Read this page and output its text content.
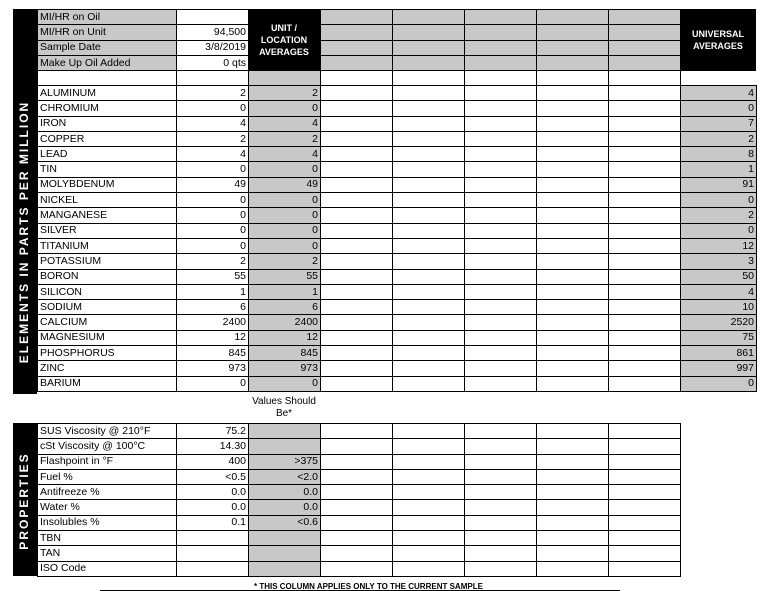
MI/HR on Oil							
MI/HR on Unit	94,500						
Sample Date	3/8/2019						
Make Up Oil Added	0 qts						

UNIT / LOCATION AVERAGES
UNIVERSAL AVERAGES
ELEMENTS IN PARTS PER MILLION
ALUMINUM	2	2						4
CHROMIUM	0	0						0
IRON	4	4						7
COPPER	2	2						2
LEAD	4	4						8
TIN	0	0						1
MOLYBDENUM	49	49						91
NICKEL	0	0						0
MANGANESE	0	0						2
SILVER	0	0						0
TITANIUM	0	0						12
POTASSIUM	2	2						3
BORON	55	55						50
SILICON	1	1						4
SODIUM	6	6						10
CALCIUM	2400	2400						2520
MAGNESIUM	12	12						75
PHOSPHORUS	845	845						861
ZINC	973	973						997
BARIUM	0	0						0
Values Should Be*
PROPERTIES
SUS Viscosity @ 210°F	75.2						
cSt Viscosity @ 100°C	14.30						
Flashpoint in °F	400	>375					
Fuel %	<0.5	<2.0					
Antifreeze %	0.0	0.0					
Water %	0.0	0.0					
Insolubles %	0.1	<0.6					
TBN							
TAN							
ISO Code							
* THIS COLUMN APPLIES ONLY TO THE CURRENT SAMPLE
